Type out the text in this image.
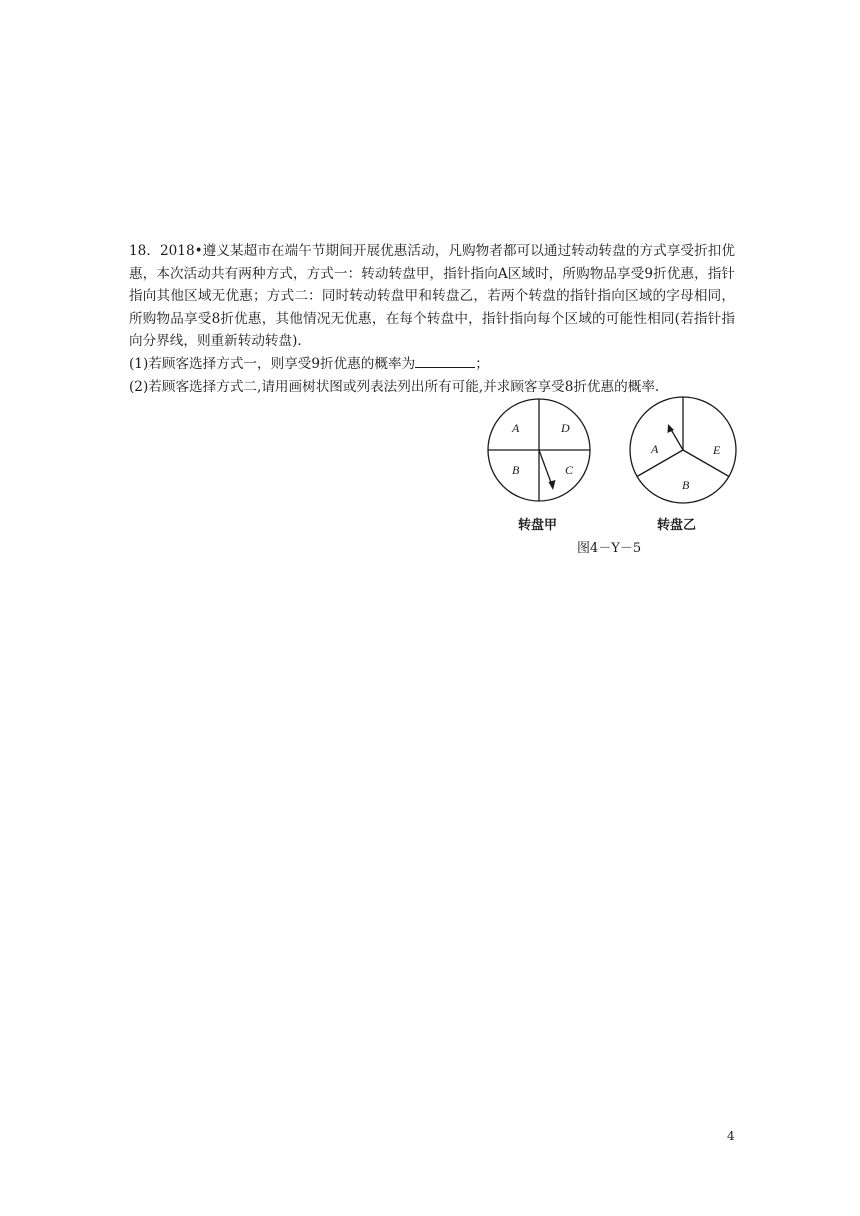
18．2018•遵义某超市在端午节期间开展优惠活动，凡购物者都可以通过转动转盘的方式享受折扣优惠，本次活动共有两种方式，方式一：转动转盘甲，指针指向A区域时，所购物品享受9折优惠，指针指向其他区域无优惠；方式二：同时转动转盘甲和转盘乙，若两个转盘的指针指向区域的字母相同，所购物品享受8折优惠，其他情况无优惠，在每个转盘中，指针指向每个区域的可能性相同(若指针指向分界线，则重新转动转盘)．

(1)若顾客选择方式一，则享受9折优惠的概率为	；

(2)若顾客选择方式二,请用画树状图或列表法列出所有可能,并求顾客享受8折优惠的概率.

A	D
B	C
A	E
B
转盘甲	转盘乙
图4－Y－5
4
